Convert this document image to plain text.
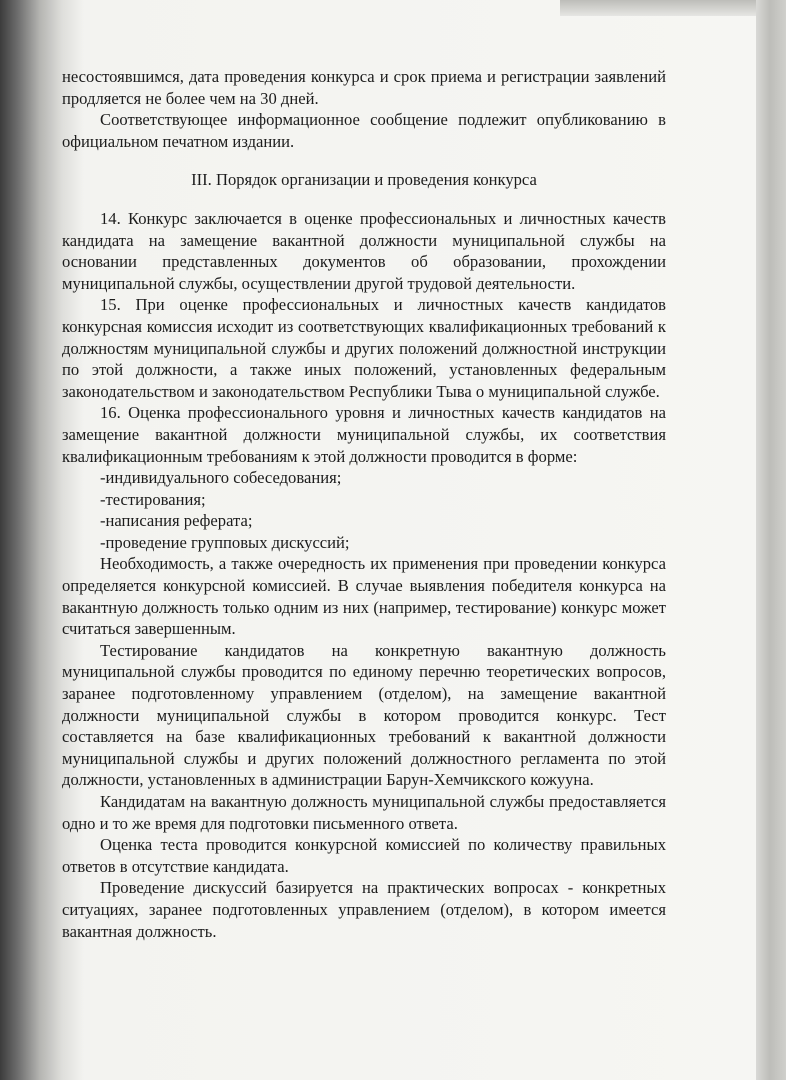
несостоявшимся, дата проведения конкурса и срок приема и регистрации заявлений продляется не более чем на 30 дней.

Соответствующее информационное сообщение подлежит опубликованию в официальном печатном издании.

III. Порядок организации и проведения конкурса

14. Конкурс заключается в оценке профессиональных и личностных качеств кандидата на замещение вакантной должности муниципальной службы на основании представленных документов об образовании, прохождении муниципальной службы, осуществлении другой трудовой деятельности.

15. При оценке профессиональных и личностных качеств кандидатов конкурсная комиссия исходит из соответствующих квалификационных требований к должностям муниципальной службы и других положений должностной инструкции по этой должности, а также иных положений, установленных федеральным законодательством и законодательством Республики Тыва о муниципальной службе.

16. Оценка профессионального уровня и личностных качеств кандидатов на замещение вакантной должности муниципальной службы, их соответствия квалификационным требованиям к этой должности проводится в форме:

-индивидуального собеседования;

-тестирования;

-написания реферата;

-проведение групповых дискуссий;

Необходимость, а также очередность их применения при проведении конкурса определяется конкурсной комиссией. В случае выявления победителя конкурса на вакантную должность только одним из них (например, тестирование) конкурс может считаться завершенным.

Тестирование кандидатов на конкретную вакантную должность муниципальной службы проводится по единому перечню теоретических вопросов, заранее подготовленному управлением (отделом), на замещение вакантной должности муниципальной службы в котором проводится конкурс. Тест составляется на базе квалификационных требований к вакантной должности муниципальной службы и других положений должностного регламента по этой должности, установленных в администрации Барун-Хемчикского кожууна.

Кандидатам на вакантную должность муниципальной службы предоставляется одно и то же время для подготовки письменного ответа.

Оценка теста проводится конкурсной комиссией по количеству правильных ответов в отсутствие кандидата.

Проведение дискуссий базируется на практических вопросах - конкретных ситуациях, заранее подготовленных управлением (отделом), в котором имеется вакантная должность.
